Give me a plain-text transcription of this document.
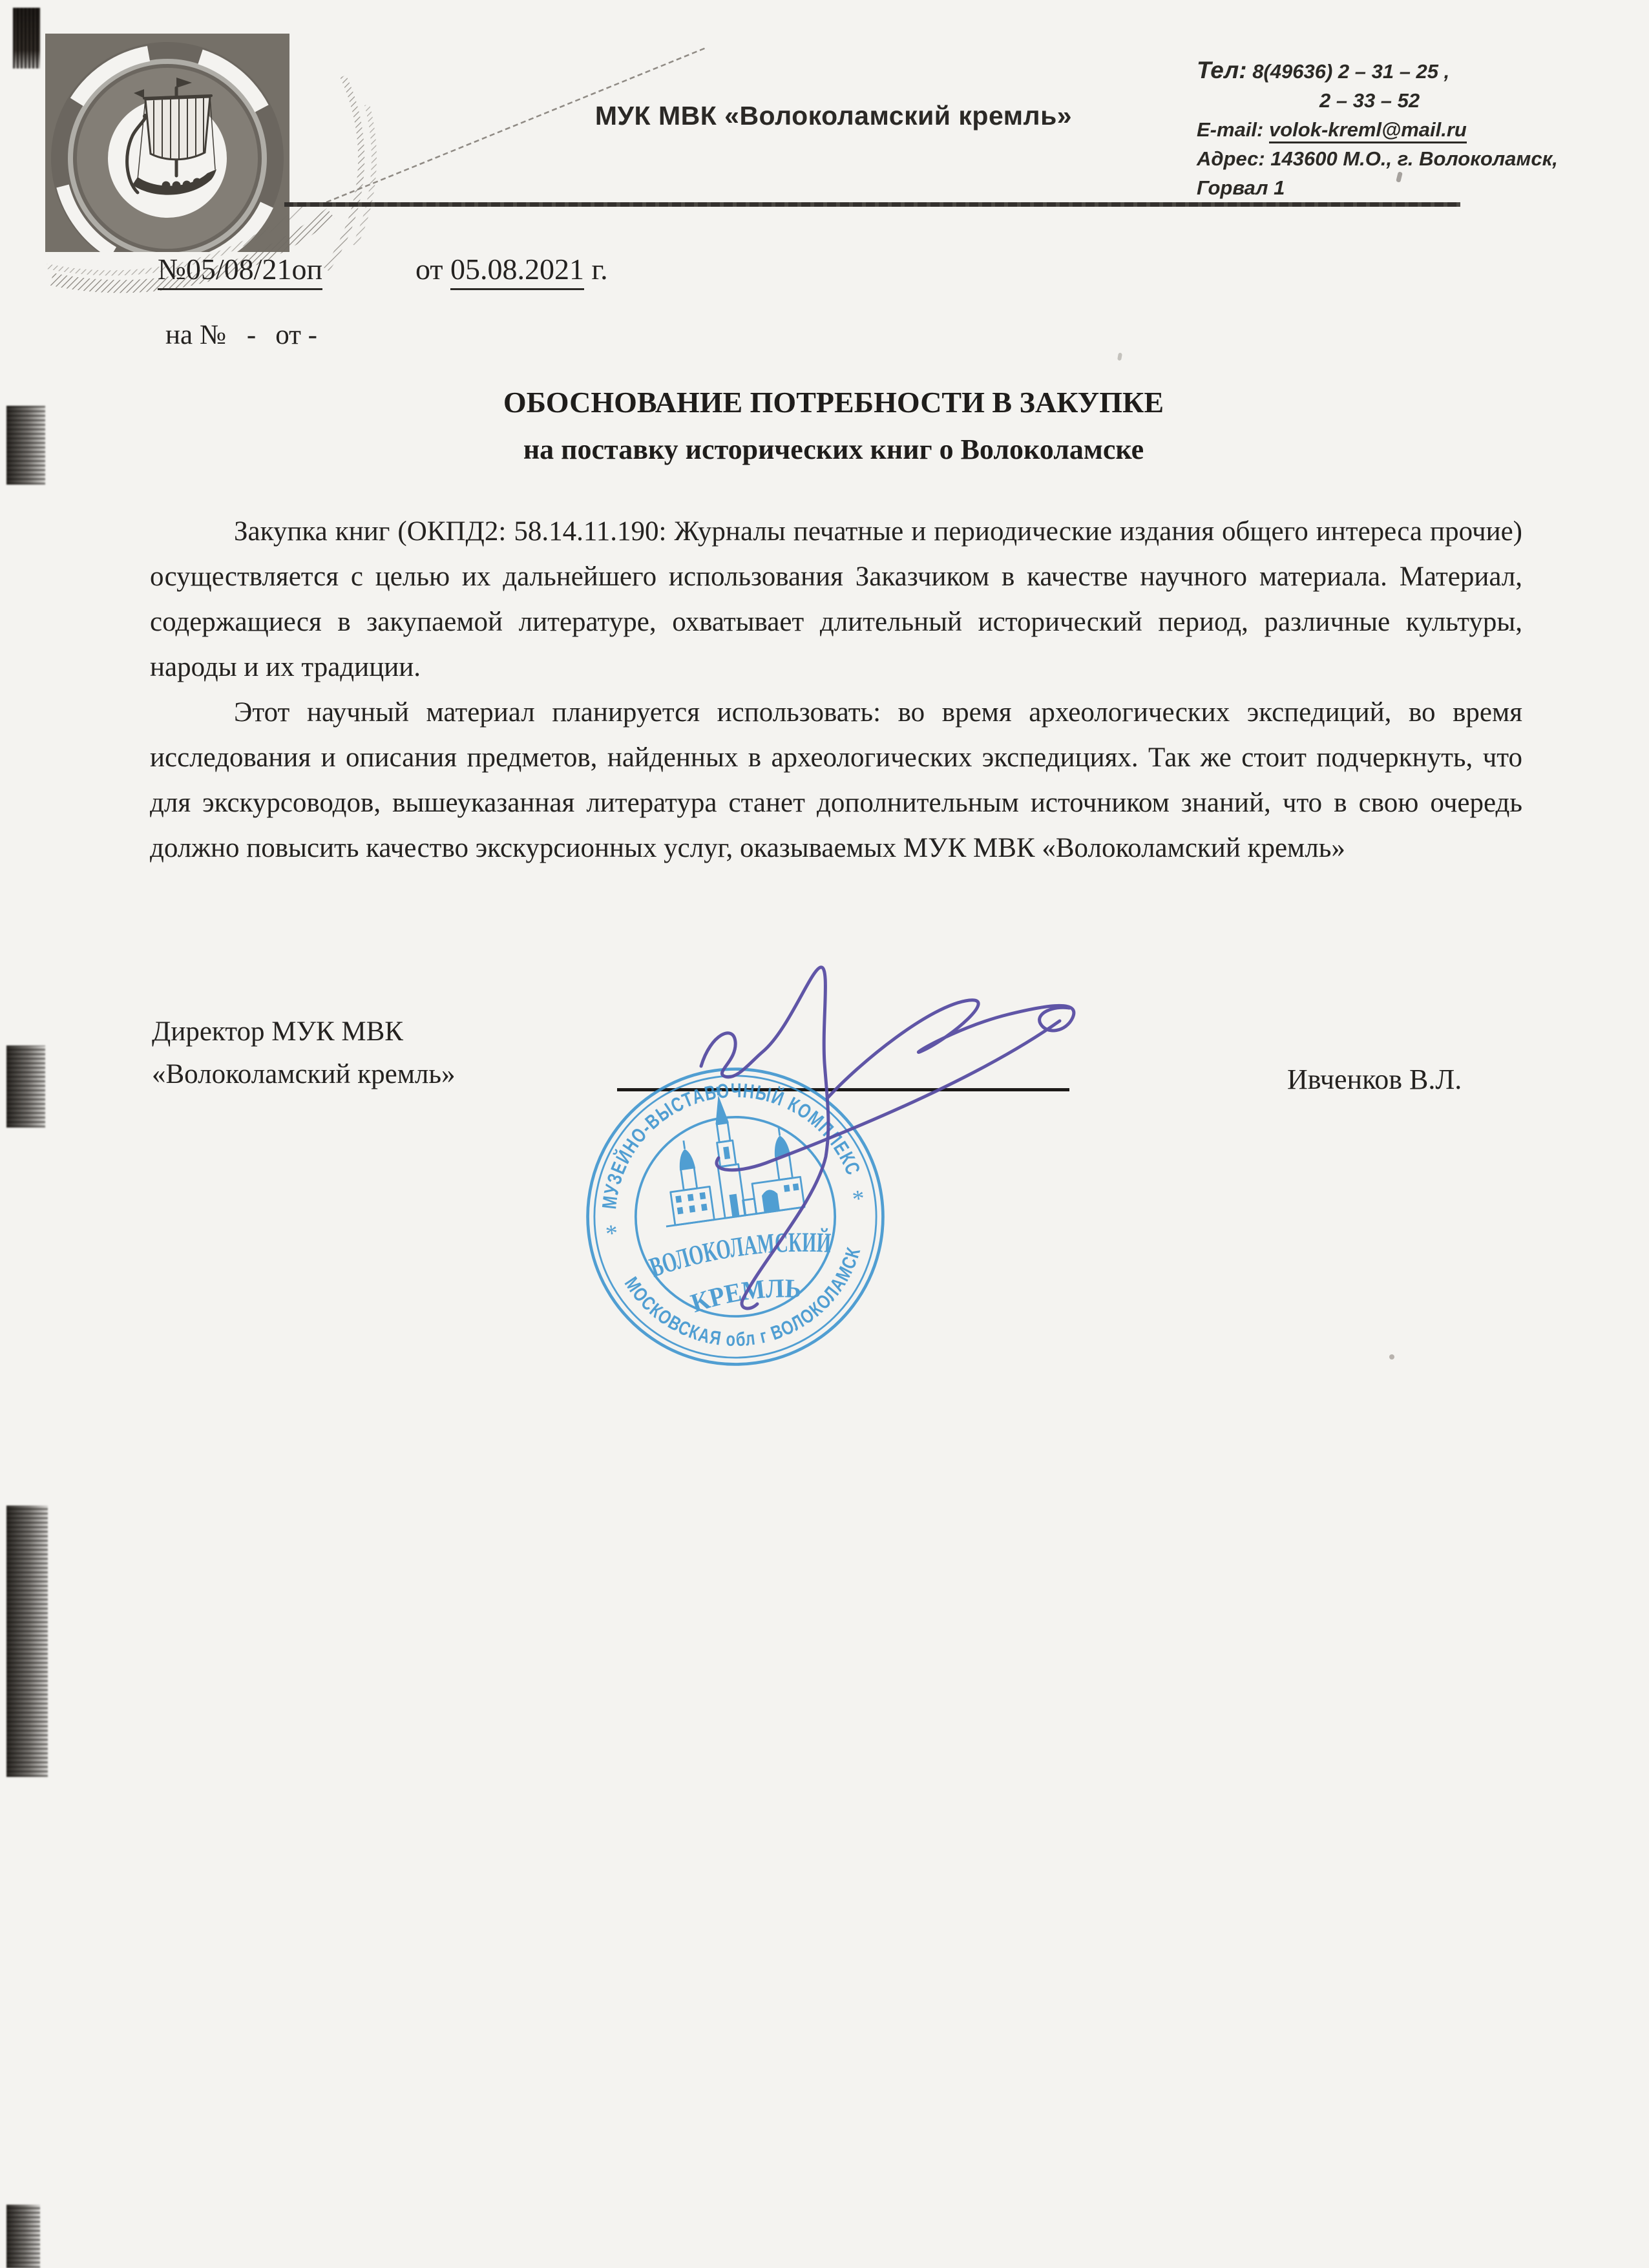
МУК МВК «Волоколамский кремль»
Тел: 8(49636) 2 – 31 – 25 ,
2 – 33 – 52
E-mail: volok-kreml@mail.ru
Адрес: 143600 М.О., г. Волоколамск,
Горвал 1
№05/08/21оп	от 05.08.2021 г.
на № - от -
ОБОСНОВАНИЕ ПОТРЕБНОСТИ В ЗАКУПКЕ
на поставку исторических книг о Волоколамске

Закупка книг (ОКПД2: 58.14.11.190: Журналы печатные и периодические издания общего интереса прочие) осуществляется с целью их дальнейшего использования Заказчиком в качестве научного материала. Материал, содержащиеся в закупаемой литературе, охватывает длительный исторический период, различные культуры, народы и их традиции.

Этот научный материал планируется использовать: во время археологических экспедиций, во время исследования и описания предметов, найденных в археологических экспедициях. Так же стоит подчеркнуть, что для экскурсоводов, вышеуказанная литература станет дополнительным источником знаний, что в свою очередь должно повысить качество экскурсионных услуг, оказываемых МУК МВК «Волоколамский кремль»

Директор МУК МВК
«Волоколамский кремль»	Ивченков В.Л.
МУЗЕЙНО-ВЫСТАВОЧНЫЙ КОМПЛЕКС
МОСКОВСКАЯ обл г ВОЛОКОЛАМСК
*
*
ВОЛОКОЛАМСКИЙ
КРЕМЛЬ
